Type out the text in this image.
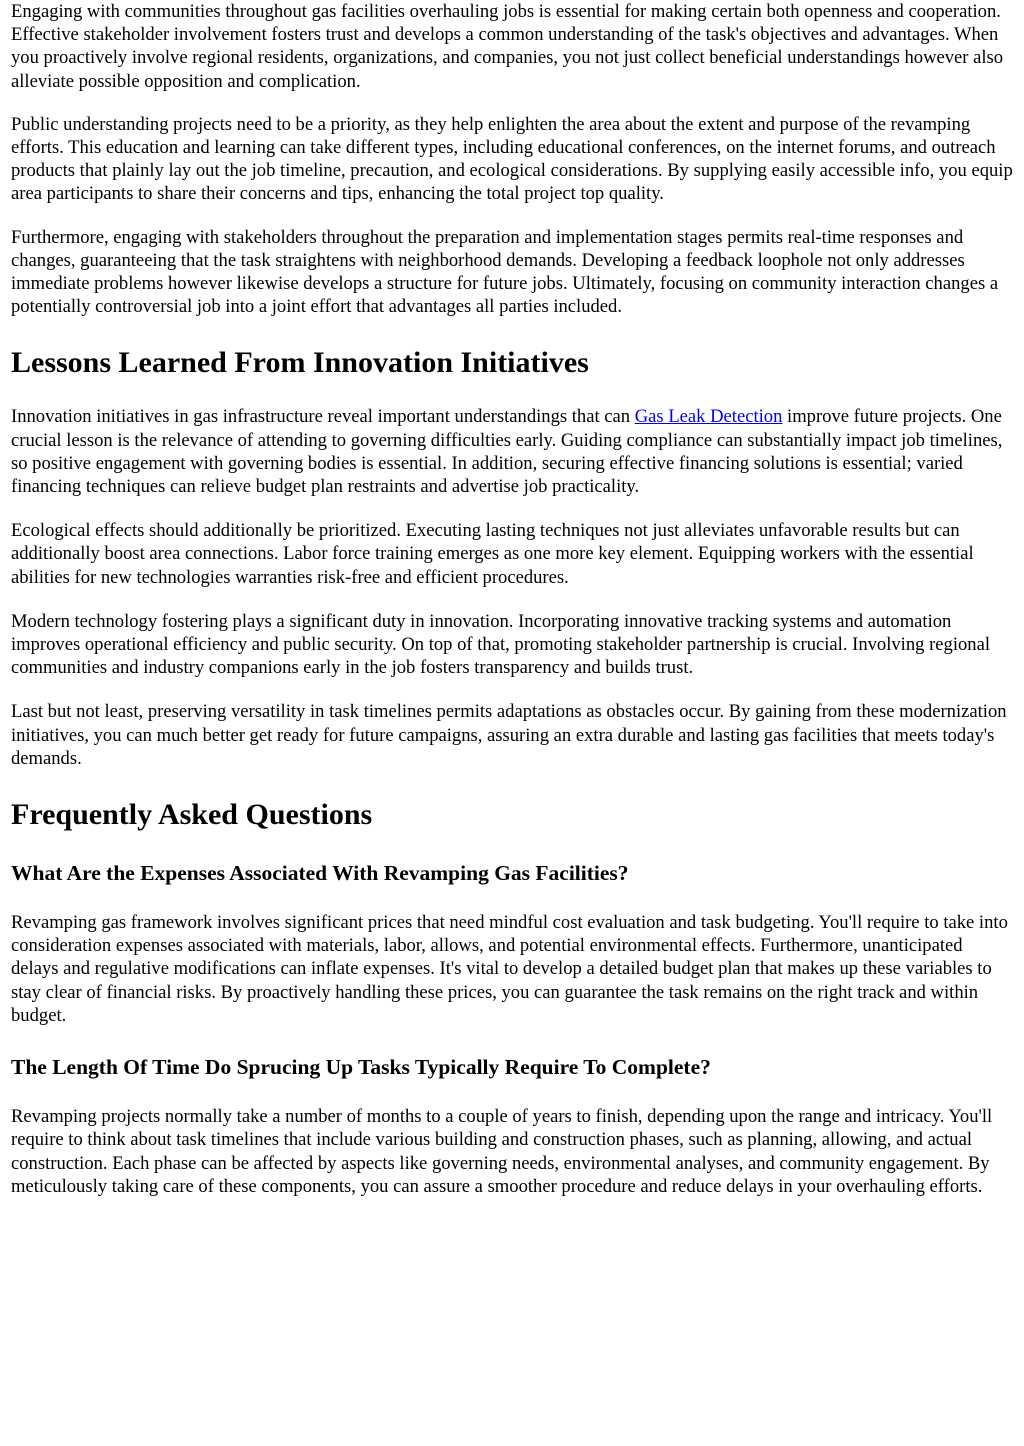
Engaging with communities throughout gas facilities overhauling jobs is essential for making certain both openness and cooperation. Effective stakeholder involvement fosters trust and develops a common understanding of the task's objectives and advantages. When you proactively involve regional residents, organizations, and companies, you not just collect beneficial understandings however also alleviate possible opposition and complication.

Public understanding projects need to be a priority, as they help enlighten the area about the extent and purpose of the revamping efforts. This education and learning can take different types, including educational conferences, on the internet forums, and outreach products that plainly lay out the job timeline, precaution, and ecological considerations. By supplying easily accessible info, you equip area participants to share their concerns and tips, enhancing the total project top quality.

Furthermore, engaging with stakeholders throughout the preparation and implementation stages permits real-time responses and changes, guaranteeing that the task straightens with neighborhood demands. Developing a feedback loophole not only addresses immediate problems however likewise develops a structure for future jobs. Ultimately, focusing on community interaction changes a potentially controversial job into a joint effort that advantages all parties included.

Lessons Learned From Innovation Initiatives

Innovation initiatives in gas infrastructure reveal important understandings that can Gas Leak Detection improve future projects. One crucial lesson is the relevance of attending to governing difficulties early. Guiding compliance can substantially impact job timelines, so positive engagement with governing bodies is essential. In addition, securing effective financing solutions is essential; varied financing techniques can relieve budget plan restraints and advertise job practicality.

Ecological effects should additionally be prioritized. Executing lasting techniques not just alleviates unfavorable results but can additionally boost area connections. Labor force training emerges as one more key element. Equipping workers with the essential abilities for new technologies warranties risk-free and efficient procedures.

Modern technology fostering plays a significant duty in innovation. Incorporating innovative tracking systems and automation improves operational efficiency and public security. On top of that, promoting stakeholder partnership is crucial. Involving regional communities and industry companions early in the job fosters transparency and builds trust.

Last but not least, preserving versatility in task timelines permits adaptations as obstacles occur. By gaining from these modernization initiatives, you can much better get ready for future campaigns, assuring an extra durable and lasting gas facilities that meets today's demands.

Frequently Asked Questions
What Are the Expenses Associated With Revamping Gas Facilities?

Revamping gas framework involves significant prices that need mindful cost evaluation and task budgeting. You'll require to take into consideration expenses associated with materials, labor, allows, and potential environmental effects. Furthermore, unanticipated delays and regulative modifications can inflate expenses. It's vital to develop a detailed budget plan that makes up these variables to stay clear of financial risks. By proactively handling these prices, you can guarantee the task remains on the right track and within budget.

The Length Of Time Do Sprucing Up Tasks Typically Require To Complete?

Revamping projects normally take a number of months to a couple of years to finish, depending upon the range and intricacy. You'll require to think about task timelines that include various building and construction phases, such as planning, allowing, and actual construction. Each phase can be affected by aspects like governing needs, environmental analyses, and community engagement. By meticulously taking care of these components, you can assure a smoother procedure and reduce delays in your overhauling efforts.
